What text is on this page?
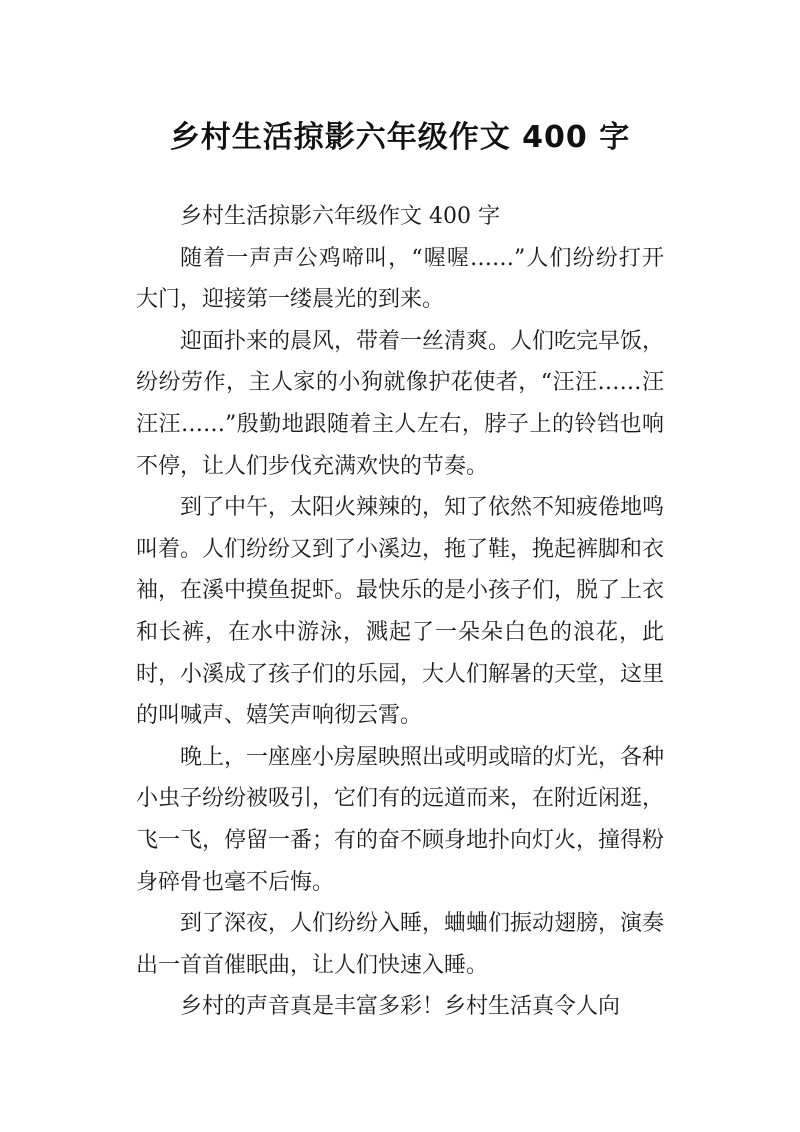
乡村生活掠影六年级作文 400 字

乡村生活掠影六年级作文 400 字

随着一声声公鸡啼叫，“喔喔……”人们纷纷打开大门，迎接第一缕晨光的到来。

迎面扑来的晨风，带着一丝清爽。人们吃完早饭，纷纷劳作，主人家的小狗就像护花使者，“汪汪……汪汪汪……”殷勤地跟随着主人左右，脖子上的铃铛也响不停，让人们步伐充满欢快的节奏。

到了中午，太阳火辣辣的，知了依然不知疲倦地鸣叫着。人们纷纷又到了小溪边，拖了鞋，挽起裤脚和衣袖，在溪中摸鱼捉虾。最快乐的是小孩子们，脱了上衣和长裤，在水中游泳，溅起了一朵朵白色的浪花，此时，小溪成了孩子们的乐园，大人们解暑的天堂，这里的叫喊声、嬉笑声响彻云霄。

晚上，一座座小房屋映照出或明或暗的灯光，各种小虫子纷纷被吸引，它们有的远道而来，在附近闲逛，飞一飞，停留一番；有的奋不顾身地扑向灯火，撞得粉身碎骨也毫不后悔。

到了深夜，人们纷纷入睡，蛐蛐们振动翅膀，演奏出一首首催眠曲，让人们快速入睡。

乡村的声音真是丰富多彩！乡村生活真令人向
